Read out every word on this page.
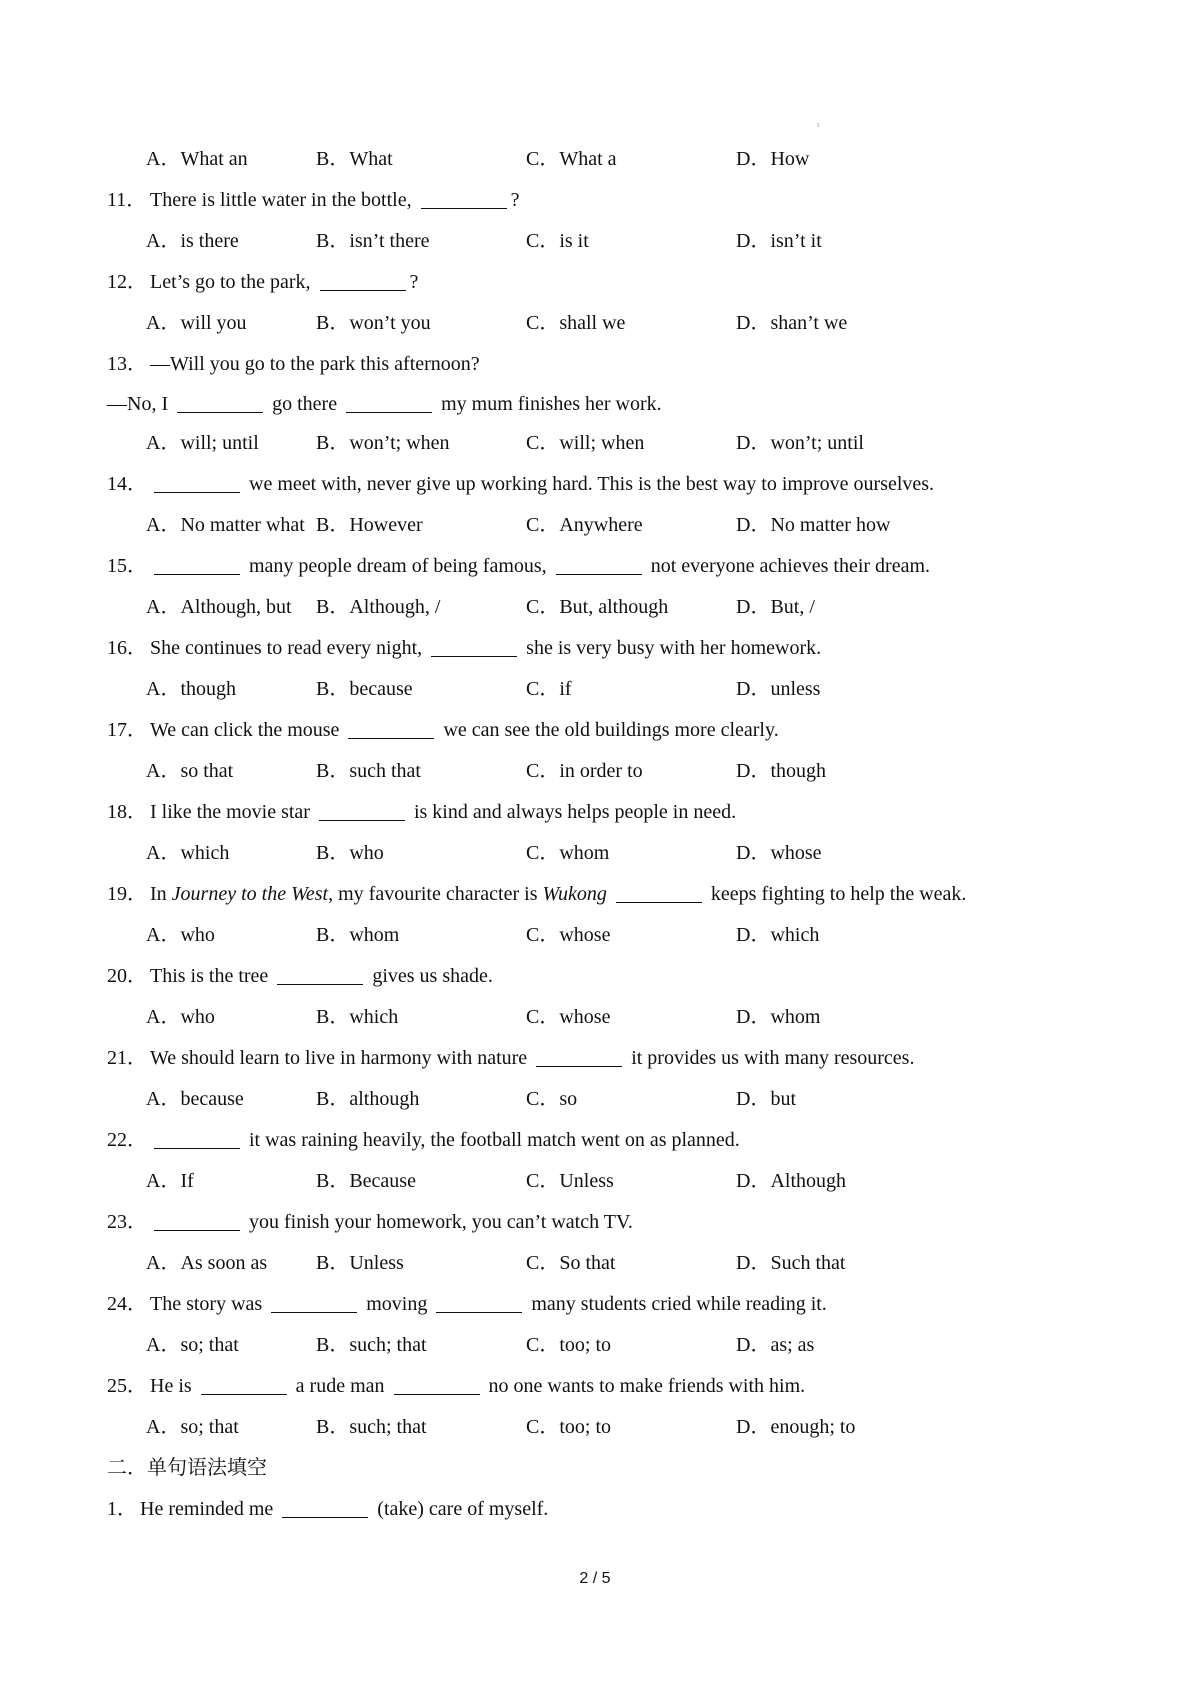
ı
A．What an	B．What	C．What a	D．How
11． There is little water in the bottle,	?
A．is there	B．isn’t there	C．is it	D．isn’t it
12． Let’s go to the park,	?
A．will you	B．won’t you	C．shall we	D．shan’t we
13． —Will you go to the park this afternoon?
—No, I	go there	my mum finishes her work.
A．will; until	B．won’t; when	C．will; when	D．won’t; until
14．	we meet with, never give up working hard. This is the best way to improve ourselves.
A．No matter what B．However	C．Anywhere	D．No matter how
15．	many people dream of being famous,	not everyone achieves their dream.
A．Although, but B．Although, /	C．But, although	D．But, /
16． She continues to read every night,	she is very busy with her homework.
A．though	B．because	C．if	D．unless
17． We can click the mouse	we can see the old buildings more clearly.
A．so that	B．such that	C．in order to	D．though
18． I like the movie star	is kind and always helps people in need.
A．which	B．who	C．whom	D．whose
19． In Journey to the West, my favourite character is Wukong	keeps fighting to help the weak.
A．who	B．whom	C．whose	D．which
20． This is the tree	gives us shade.
A．who	B．which	C．whose	D．whom
21． We should learn to live in harmony with nature	it provides us with many resources.
A．because	B．although	C．so	D．but
22．	it was raining heavily, the football match went on as planned.
A．If	B．Because	C．Unless	D．Although
23．	you finish your homework, you can’t watch TV.
A．As soon as B．Unless	C．So that	D．Such that
24． The story was	moving	many students cried while reading it.
A．so; that	B．such; that	C．too; to	D．as; as
25． He is	a rude man	no one wants to make friends with him.
A．so; that	B．such; that	C．too; to	D．enough; to
二．单句语法填空
1． He reminded me	(take) care of myself.
2 / 5
